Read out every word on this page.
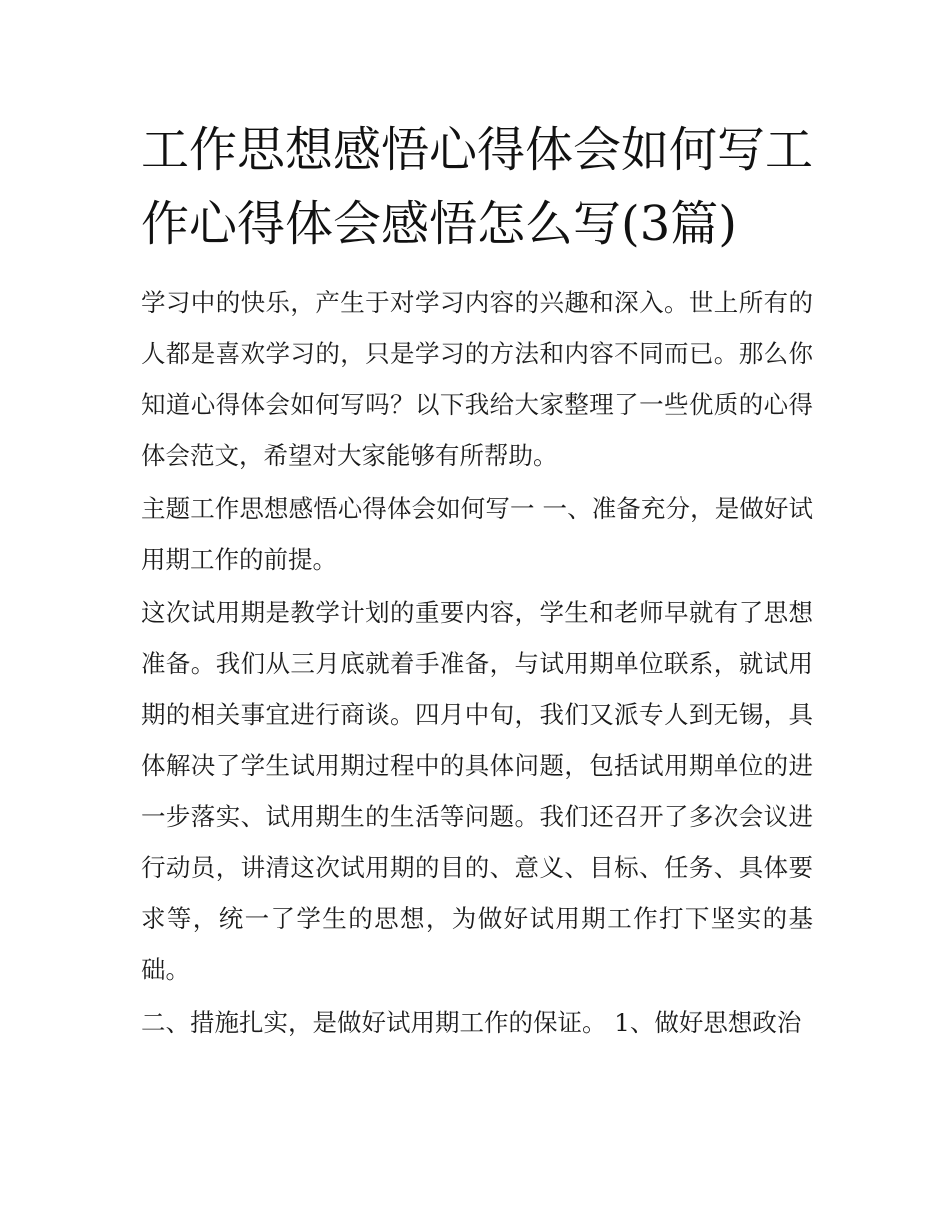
工作思想感悟心得体会如何写工作心得体会感悟怎么写(3篇)

学习中的快乐，产生于对学习内容的兴趣和深入。世上所有的人都是喜欢学习的，只是学习的方法和内容不同而已。那么你知道心得体会如何写吗？以下我给大家整理了一些优质的心得体会范文，希望对大家能够有所帮助。

主题工作思想感悟心得体会如何写一 一、准备充分，是做好试用期工作的前提。

这次试用期是教学计划的重要内容，学生和老师早就有了思想准备。我们从三月底就着手准备，与试用期单位联系，就试用期的相关事宜进行商谈。四月中旬，我们又派专人到无锡，具体解决了学生试用期过程中的具体问题，包括试用期单位的进一步落实、试用期生的生活等问题。我们还召开了多次会议进行动员，讲清这次试用期的目的、意义、目标、任务、具体要求等，统一了学生的思想，为做好试用期工作打下坚实的基础。

二、措施扎实，是做好试用期工作的保证。 1、做好思想政治
